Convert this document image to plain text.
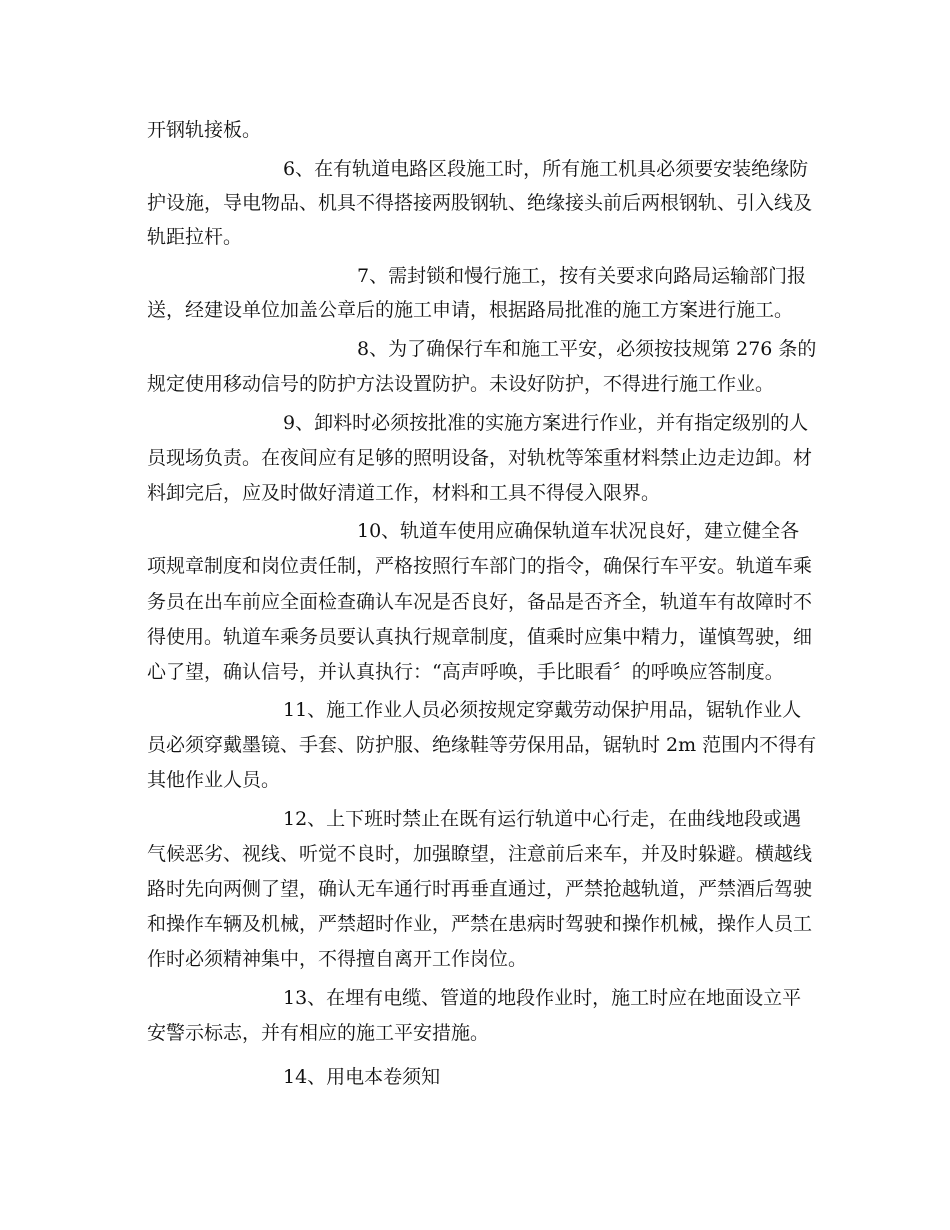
开钢轨接板。
6、在有轨道电路区段施工时，所有施工机具必须要安装绝缘防
护设施，导电物品、机具不得搭接两股钢轨、绝缘接头前后两根钢轨、引入线及
轨距拉杆。
7、需封锁和慢行施工，按有关要求向路局运输部门报
送，经建设单位加盖公章后的施工申请，根据路局批准的施工方案进行施工。
8、为了确保行车和施工平安，必须按技规第 276 条的
规定使用移动信号的防护方法设置防护。未设好防护，不得进行施工作业。
9、卸料时必须按批准的实施方案进行作业，并有指定级别的人
员现场负责。在夜间应有足够的照明设备，对轨枕等笨重材料禁止边走边卸。材
料卸完后，应及时做好清道工作，材料和工具不得侵入限界。
10、轨道车使用应确保轨道车状况良好，建立健全各
项规章制度和岗位责任制，严格按照行车部门的指令，确保行车平安。轨道车乘
务员在出车前应全面检查确认车况是否良好，备品是否齐全，轨道车有故障时不
得使用。轨道车乘务员要认真执行规章制度，值乘时应集中精力，谨慎驾驶，细
心了望，确认信号，并认真执行：“高声呼唤，手比眼看〞的呼唤应答制度。
11、施工作业人员必须按规定穿戴劳动保护用品，锯轨作业人
员必须穿戴墨镜、手套、防护服、绝缘鞋等劳保用品，锯轨时 2m 范围内不得有
其他作业人员。
12、上下班时禁止在既有运行轨道中心行走，在曲线地段或遇
气候恶劣、视线、听觉不良时，加强瞭望，注意前后来车，并及时躲避。横越线
路时先向两侧了望，确认无车通行时再垂直通过，严禁抢越轨道，严禁酒后驾驶
和操作车辆及机械，严禁超时作业，严禁在患病时驾驶和操作机械，操作人员工
作时必须精神集中，不得擅自离开工作岗位。
13、在埋有电缆、管道的地段作业时，施工时应在地面设立平
安警示标志，并有相应的施工平安措施。
14、用电本卷须知
